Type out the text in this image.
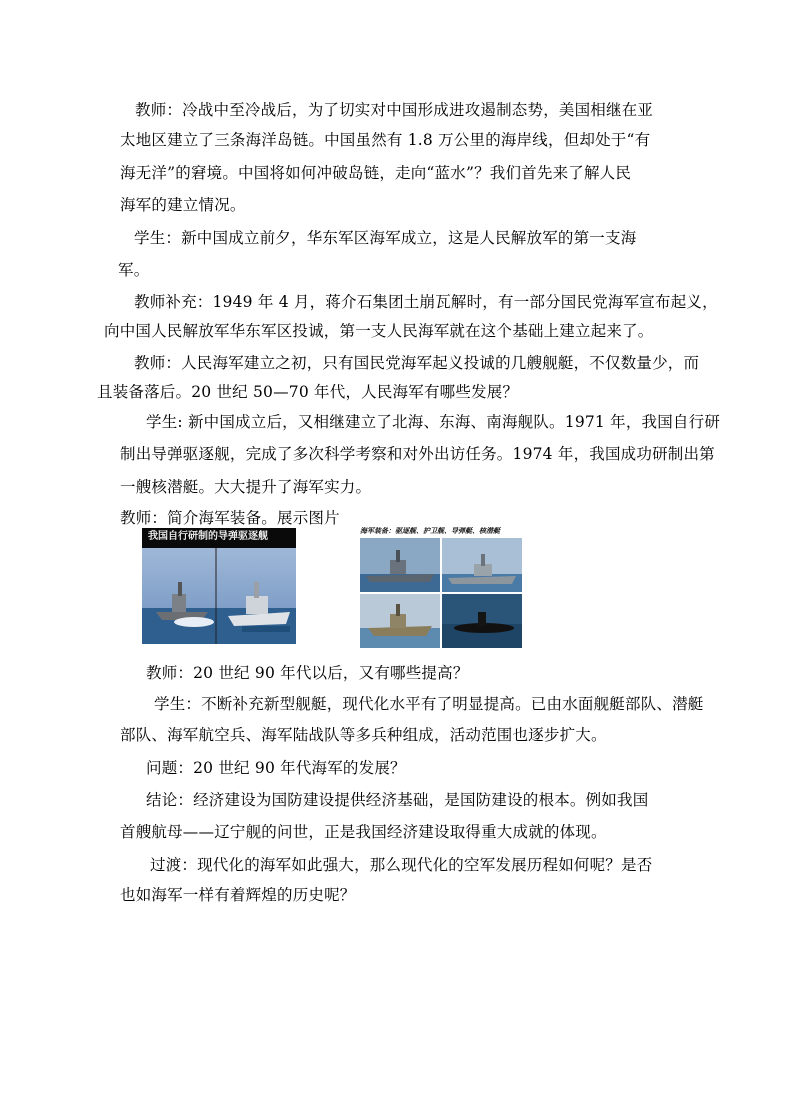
教师：冷战中至冷战后，为了切实对中国形成进攻遏制态势，美国相继在亚
太地区建立了三条海洋岛链。中国虽然有 1.8 万公里的海岸线，但却处于“有
海无洋”的窘境。中国将如何冲破岛链，走向“蓝水”？我们首先来了解人民
海军的建立情况。
学生：新中国成立前夕，华东军区海军成立，这是人民解放军的第一支海
军。
教师补充：1949 年 4 月，蒋介石集团土崩瓦解时，有一部分国民党海军宣布起义，
向中国人民解放军华东军区投诚，第一支人民海军就在这个基础上建立起来了。
教师：人民海军建立之初，只有国民党海军起义投诚的几艘舰艇，不仅数量少，而
且装备落后。20 世纪 50—70 年代，人民海军有哪些发展？
学生: 新中国成立后，又相继建立了北海、东海、南海舰队。1971 年，我国自行研
制出导弹驱逐舰，完成了多次科学考察和对外出访任务。1974 年，我国成功研制出第
一艘核潜艇。大大提升了海军实力。
教师：简介海军装备。展示图片
我国自行研制的导弹驱逐舰	海军装备：驱逐舰、护卫舰、导弹艇、核潜艇
教师：20 世纪 90 年代以后，又有哪些提高？
学生：不断补充新型舰艇，现代化水平有了明显提高。已由水面舰艇部队、潜艇
部队、海军航空兵、海军陆战队等多兵种组成，活动范围也逐步扩大。
问题：20 世纪 90 年代海军的发展？
结论：经济建设为国防建设提供经济基础，是国防建设的根本。例如我国
首艘航母——辽宁舰的问世，正是我国经济建设取得重大成就的体现。
过渡：现代化的海军如此强大，那么现代化的空军发展历程如何呢？是否
也如海军一样有着辉煌的历史呢？
